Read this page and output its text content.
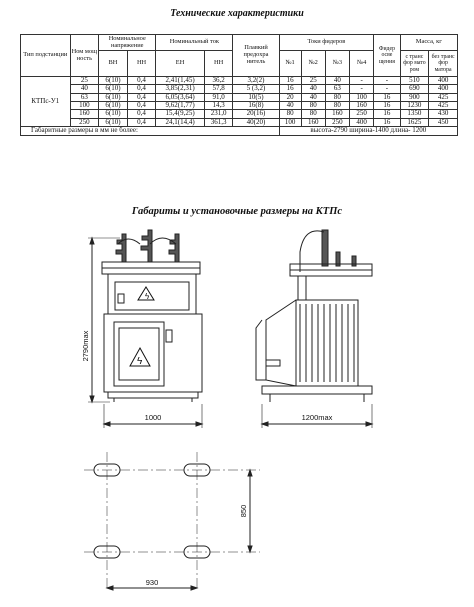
Технические характеристики
Тип подстанции	Ном мощ ность	Номинальное напряжение		Номинальный ток		Плавкий предохра нитель	Токи фидеров				Фидер осве щения	Масса, кг	
		ВН	НН	ЕН	НН		№1	№2	№3	№4		с транс фор мато ром	без транс фор матора
КТПс-У1	25	6(10)	0,4	2,41(1,45)	36,2	3,2(2)	16	25	40	-	-	510	400
	40	6(10)	0,4	3,85(2,31)	57,8	5 (3,2)	16	40	63	-	-	690	400
	63	6(10)	0,4	6,05(3,64)	91,0	10(5)	20	40	80	100	16	900	425
	100	6(10)	0,4	9,62(1,77)	14,3	16(8)	40	80	80	160	16	1230	425
	160	6(10)	0,4	15,4(9,25)	231,0	20(16)	80	80	160	250	16	1350	430
	250	6(10)	0,4	24,1(14,4)	361,3	40(20)	100	160	250	400	16	1625	450
Габаритные размеры в мм не более:							высота-2790 ширина-1400 длина- 1200						
Габариты и установочные размеры на КТПс
ϟ
ϟ
2790max
1000	1200max
850
930
